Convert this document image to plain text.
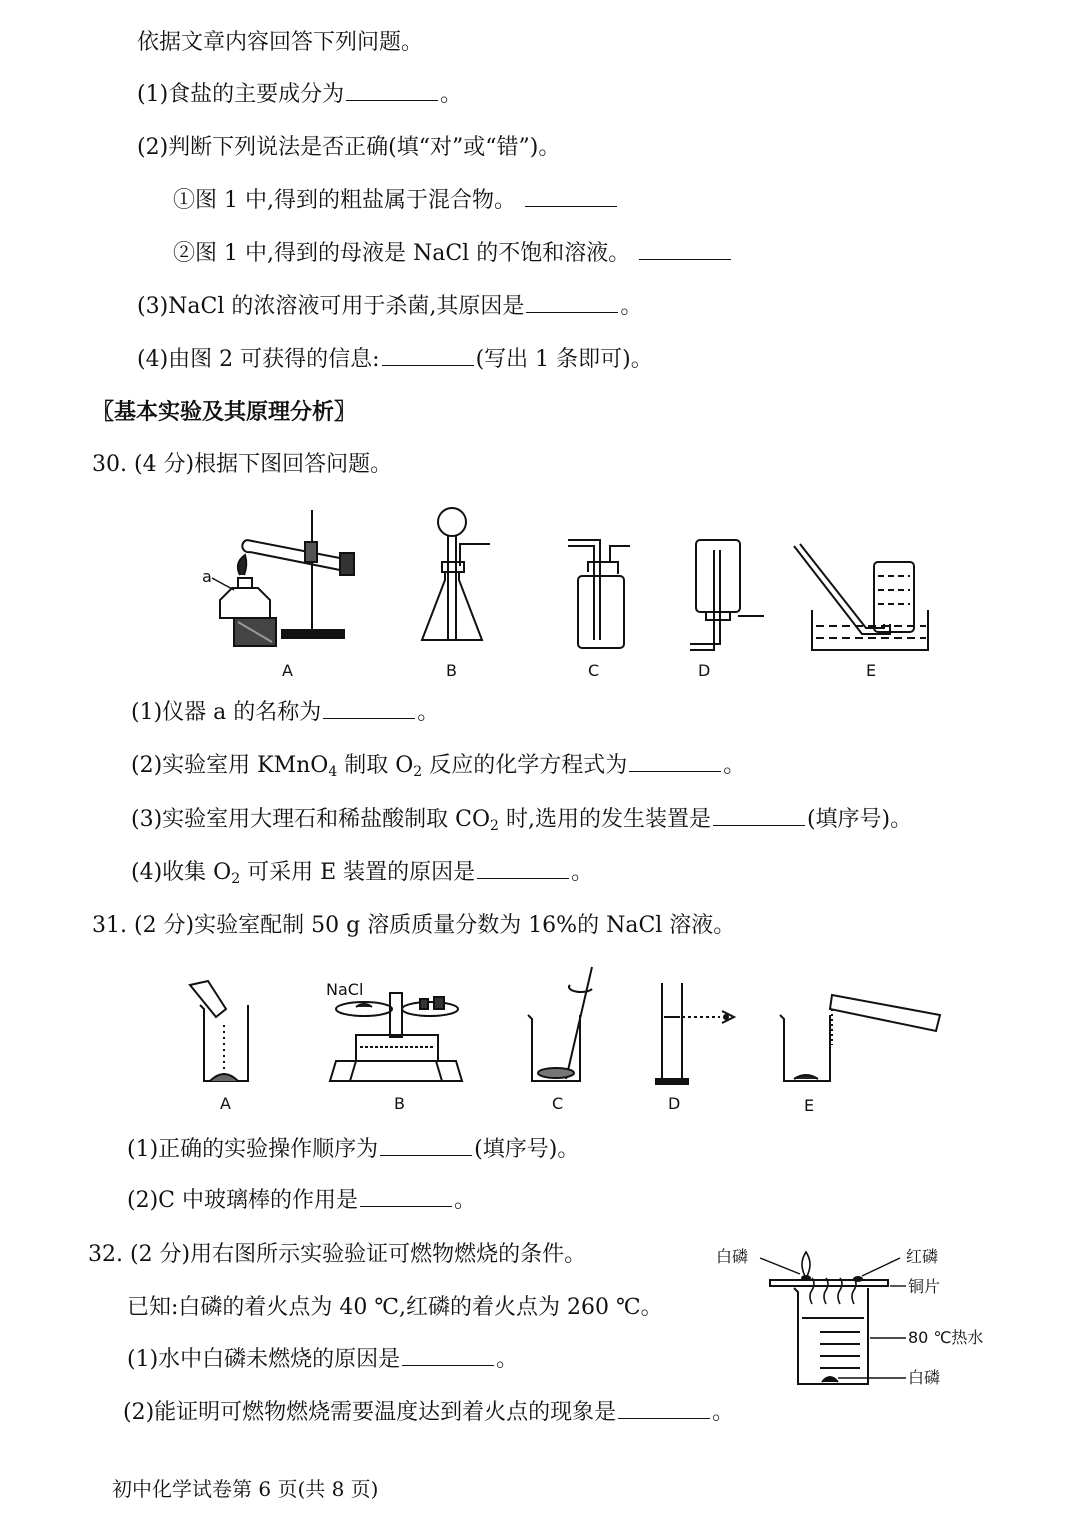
依据文章内容回答下列问题。
(1)食盐的主要成分为	。
(2)判断下列说法是否正确(填“对”或“错”)。
①图 1 中,得到的粗盐属于混合物。
②图 1 中,得到的母液是 NaCl 的不饱和溶液。
(3)NaCl 的浓溶液可用于杀菌,其原因是	。
(4)由图 2 可获得的信息:	(写出 1 条即可)。
〖基本实验及其原理分析〗
30. (4 分)根据下图回答问题。
a
A	B	C	D	E
(1)仪器 a 的名称为	。
(2)实验室用 KMnO$_4$ 制取 $O_2$ 反应的化学方程式为	。
(3)实验室用大理石和稀盐酸制取 $CO_2$ 时,选用的发生装置是	(填序号)。
(4)收集 $O_2$ 可采用 E 装置的原因是	。
31. (2 分)实验室配制 50 g 溶质质量分数为 16%的 NaCl 溶液。
NaCl
A	B	C	D	E
(1)正确的实验操作顺序为	(填序号)。
(2)C 中玻璃棒的作用是	。
32. (2 分)用右图所示实验验证可燃物燃烧的条件。
已知:白磷的着火点为 40 ℃,红磷的着火点为 260 ℃。
(1)水中白磷未燃烧的原因是	。
(2)能证明可燃物燃烧需要温度达到着火点的现象是	。
白磷	红磷
铜片
80 ℃热水
白磷
初中化学试卷第 6 页(共 8 页)
